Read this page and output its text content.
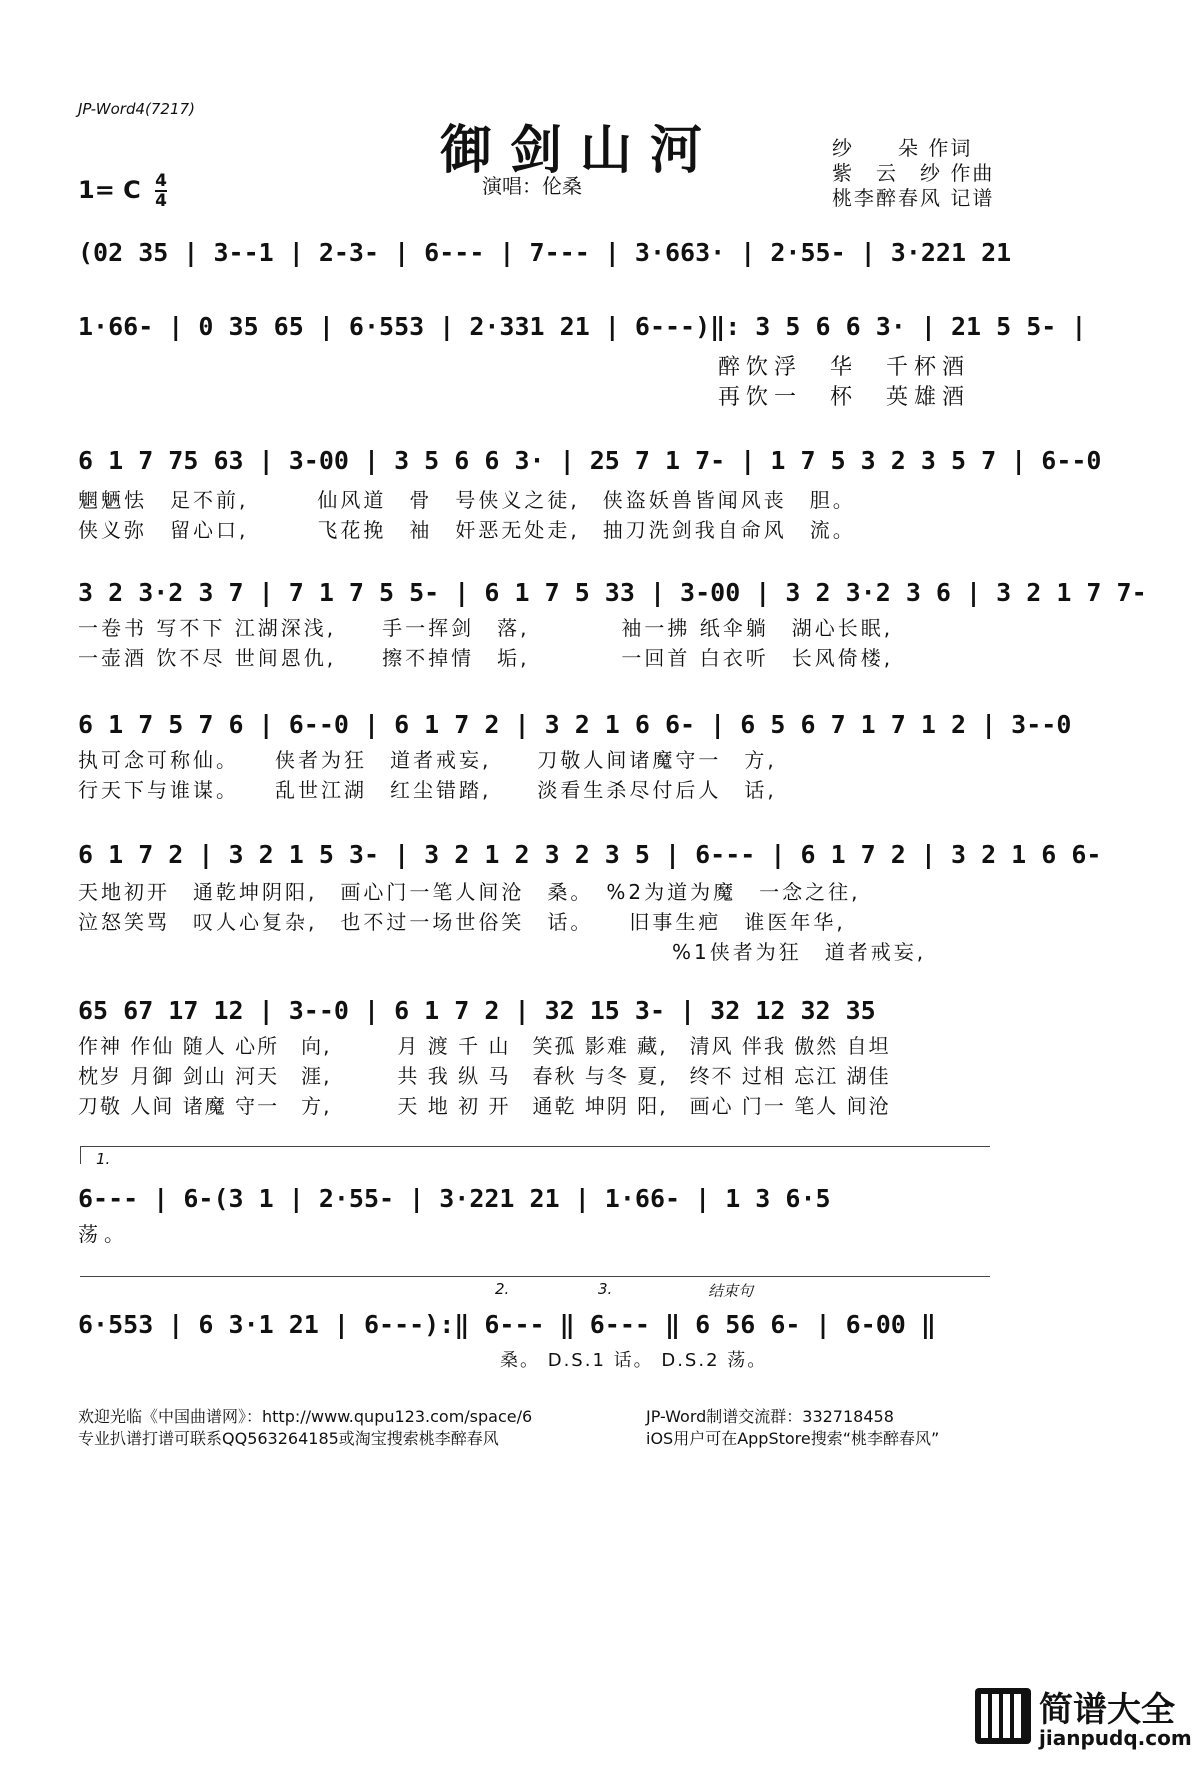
JP-Word4(7217)
御剑山河
1= C $\frac{4}{4}$	演唱：伦桑
纱　　朵 作词
紫　云　纱 作曲
桃李醉春风 记谱
(02 35 | 3--1 | 2-3- | 6--- | 7--- | 3·663· | 2·55- | 3·221 21
1·66- | 0 35 65 | 6·553 | 2·331 21 | 6---)‖: 3 5 6 6 3· | 21 5 5- |
醉饮浮　华　千杯酒
再饮一　杯　英雄酒
6 1 7 75 63 | 3-00 | 3 5 6 6 3· | 25 7 1 7- | 1 7 5 3 2 3 5 7 | 6--0
魍魉怯　足不前,　　　仙风道　骨　号侠义之徒,　侠盗妖兽皆闻风丧　胆。
侠义弥　留心口,　　　飞花挽　袖　奸恶无处走,　抽刀洗剑我自命风　流。
3 2 3·2 3 7 | 7 1 7 5 5- | 6 1 7 5 33 | 3-00 | 3 2 3·2 3 6 | 3 2 1 7 7-
一卷书 写不下 江湖深浅,　　手一挥剑　落,　　　　袖一拂 纸伞躺　湖心长眠,
一壶酒 饮不尽 世间恩仇,　　擦不掉情　垢,　　　　一回首 白衣听　长风倚楼,
6 1 7 5 7 6 | 6--0 | 6 1 7 2 | 3 2 1 6 6- | 6 5 6 7 1 7 1 2 | 3--0
执可念可称仙。　　侠者为狂　道者戒妄,　　刀敬人间诸魔守一　方,
行天下与谁谋。　　乱世江湖　红尘错踏,　　淡看生杀尽付后人　话,
6 1 7 2 | 3 2 1 5 3- | 3 2 1 2 3 2 3 5 | 6--- | 6 1 7 2 | 3 2 1 6 6-
天地初开　通乾坤阴阳,　画心门一笔人间沧　桑。　%2为道为魔　一念之往,
泣怒笑骂　叹人心复杂,　也不过一场世俗笑　话。　　旧事生疤　谁医年华,
%1侠者为狂　道者戒妄,
65 67 17 12 | 3--0 | 6 1 7 2 | 32 15 3- | 32 12 32 35
作神 作仙 随人 心所　向,　　　月 渡 千 山　笑孤 影难 藏,　清风 伴我 傲然 自坦
枕岁 月御 剑山 河天　涯,　　　共 我 纵 马　春秋 与冬 夏,　终不 过相 忘江 湖佳
刀敬 人间 诸魔 守一　方,　　　天 地 初 开　通乾 坤阴 阳,　画心 门一 笔人 间沧
1.
6--- | 6-(3 1 | 2·55- | 3·221 21 | 1·66- | 1 3 6·5
荡。
2.	3.	结束句
6·553 | 6 3·1 21 | 6---):‖ 6--- ‖ 6--- ‖ 6 56 6- | 6-00 ‖
桑。 D.S.1 话。 D.S.2 荡。
欢迎光临《中国曲谱网》：http://www.qupu123.com/space/6
专业扒谱打谱可联系QQ563264185或淘宝搜索桃李醉春风
JP-Word制谱交流群：332718458
iOS用户可在AppStore搜索“桃李醉春风”
简谱大全
jianpudq.com
